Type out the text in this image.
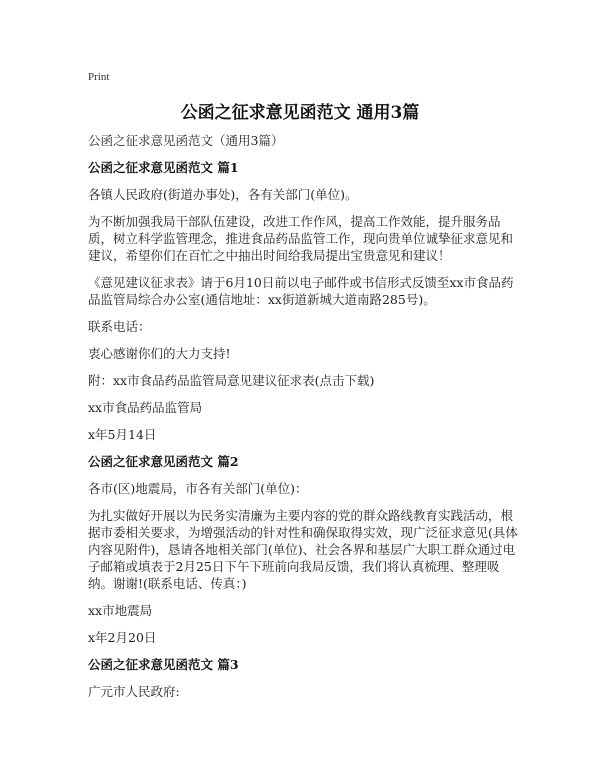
Print
公函之征求意见函范文 通用3篇

公函之征求意见函范文（通用3篇）

公函之征求意见函范文 篇1

各镇人民政府(街道办事处)，各有关部门(单位)。

为不断加强我局干部队伍建设，改进工作作风，提高工作效能，提升服务品质，树立科学监管理念，推进食品药品监管工作，现向贵单位诚挚征求意见和建议，希望你们在百忙之中抽出时间给我局提出宝贵意见和建议！

《意见建议征求表》请于6月10日前以电子邮件或书信形式反馈至xx市食品药品监管局综合办公室(通信地址：xx街道新城大道南路285号)。

联系电话：

衷心感谢你们的大力支持!

附：xx市食品药品监管局意见建议征求表(点击下载)

xx市食品药品监管局

x年5月14日

公函之征求意见函范文 篇2

各市(区)地震局，市各有关部门(单位)：

为扎实做好开展以为民务实清廉为主要内容的党的群众路线教育实践活动，根据市委相关要求，为增强活动的针对性和确保取得实效，现广泛征求意见(具体内容见附件)，恳请各地相关部门(单位)、社会各界和基层广大职工群众通过电子邮箱或填表于2月25日下午下班前向我局反馈，我们将认真梳理、整理吸纳。谢谢!(联系电话、传真：)

xx市地震局

x年2月20日

公函之征求意见函范文 篇3

广元市人民政府:
